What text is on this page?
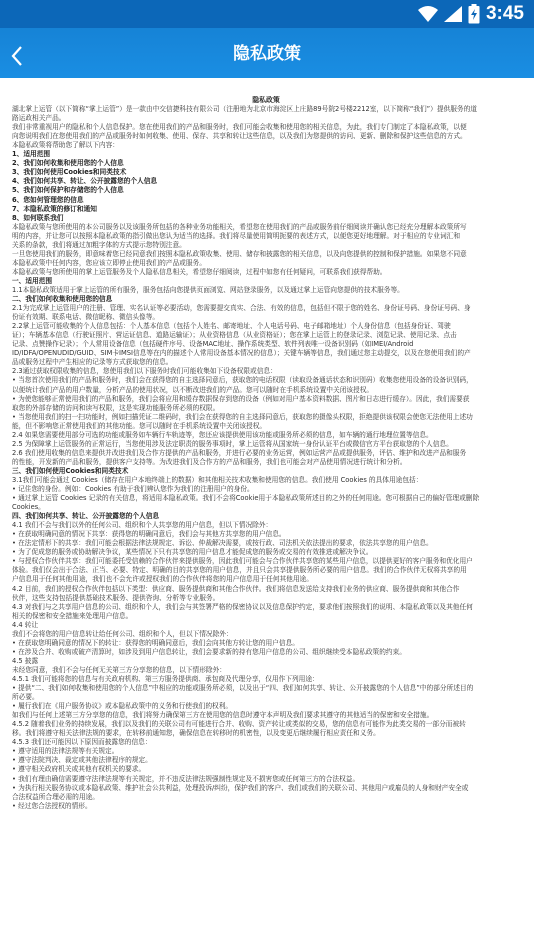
3:45
隐私政策
隐私政策
湖北掌上运管（以下简称“掌上运管”）是一款由中交信捷科技有限公司（注册地为北京市海淀区上庄路89号院2号楼2212室，以下简称“我们”）提供服务的道
路运政相关产品。
我们非常重视用户的隐私和个人信息保护。您在使用我们的产品和服务时，我们可能会收集和使用您的相关信息，为此，我们专门制定了本隐私政策，以便
向您说明我们在您使用我们的产品或服务时如何收集、使用、保存、共享和转让这些信息，以及我们为您提供的访问、更新、删除和保护这些信息的方式。
本隐私政策将帮助您了解以下内容：
1、适用范围
2、我们如何收集和使用您的个人信息
3、我们如何使用Cookies和同类技术
4、我们如何共享、转让、公开披露您的个人信息
5、我们如何保护和存储您的个人信息
6、您如何管理您的信息
7、本隐私政策的修订和通知
8、如何联系我们
本隐私政策与您所使用的本公司服务以及该服务所包括的各种业务功能相关，希望您在使用我们的产品或服务前仔细阅读并确认您已经充分理解本政策所写
明的内容，并让您可以按照本隐私政策的指引做出您认为适当的选择。我们将尽量使用简明扼要的表述方式，以便您更好地理解。对于相应的专业词汇和
关系的条款，我们将通过加粗字体的方式提示您特别注意。
一旦您使用我们的服务，即意味着您已经同意我们按照本隐私政策收集、使用、储存和披露您的相关信息，以及向您提供的控制和保护措施。如果您不同意
本隐私政策中任何内容，您应该立即停止使用我们的产品或服务。
本隐私政策与您所使用的掌上运管服务及个人隐私信息相关，希望您仔细阅读，过程中如您有任何疑问，可联系我们获得帮助。
一、适用范围
1.1本隐私政策适用于掌上运管的所有服务，服务包括向您提供页面浏览、网站登录服务，以及通过掌上运管向您提供的技术服务等。
二、我们如何收集和使用您的信息
2.1为完成掌上运管用户的注册、管理、实名认证等必要活动，您需要提交真实、合法、有效的信息，包括但不限于您的姓名、身份证号码、身份证号码、身
份证有效期、联系电话、微信昵称、微信头像等。
2.2掌上运管可能收集的个人信息包括：个人基本信息（包括个人姓名、邮寄地址、个人电话号码、电子邮箱地址）个人身份信息（包括身份证、驾驶
证）；车辆基本信息（行驶证照片、营运证信息、道路运输证）；从业资格信息（从业资格证）；您在掌上运管上的登录记录、浏览记录、使用记录、点击
记录、点赞操作记录）；个人常用设备信息（包括硬件序号、设备MAC地址、操作系统类型、软件列表唯一设备识别码（如IMEI/Android
ID/IDFA/OPENUDID/GUID、SIM卡IMSI信息等在内的描述个人常用设备基本情况的信息）；关键车辆等信息，我们通过您主动提交，以及在您使用我们的产
品或服务过程中产生相应的记录等方式获取您的信息。
2.3通过获取权限收集的信息，您使用我们以下服务时我们可能收集如下设备权限或信息：
• 当您首次使用我们的产品和服务时，我们会在获得您的自主选择同意后，获取您的电话权限（读取设备通话状态和识别码）收集您使用设备的设备识别码，
以便统计我们产品的用户数量，分析产品的使用状况，以不断改进我们的产品。您可以随时在手机系统设置中关闭该授权。
• 为使您能够正常使用我们的产品和服务，我们会将应用和缓存数据保存到您的设备（例如对用户基本资料数据、图片和日志进行缓存）。因此，我们需要获
取您的外部存储的访问和读写权限，这是实现功能服务所必须的权限。
• 当您使用我们的扫一扫功能时，例如扫描凭证二维码时，我们会在获得您的自主选择同意后，获取您的摄像头权限，拒绝提供该权限会使您无法使用上述功
能，但不影响您正常使用我们的其他功能。您可以随时在手机系统设置中关闭该授权。
2.4 如果您需要使用部分可选的功能或服务如车辆行车轨迹等，您还应该提供使用该功能或服务所必须的信息，如车辆的通行地理位置等信息。
2.5 为保障掌上运管服务的正常运行，当您使用涉及法定职责的服务事项时，掌上运管将从国家统一身份认证平台或微信官方平台获取您的个人信息。
2.6 我们使用收集的信息来提供并改进我们及合作方提供的产品和服务，并进行必要的业务运营，例如运营产品或提供服务，评估、维护和改进产品和服务
的性能，开发新的产品和服务，提供客户支持等。为改进我们及合作方的产品和服务，我们也可能会对产品使用情况进行统计和分析。
三、我们如何使用Cookies和同类技术
3.1我们可能会通过 Cookies（储存在用户本地终端上的数据）和其他相关技术收集和使用您的信息。我们使用 Cookies 的具体用途包括：
• 记住您的身份。例如：Cookies 有助于我们辨认您作为我们的注册用户的身份。
• 通过掌上运管 Cookies 记录的有关信息，将适用本隐私政策。我们不会将Cookie用于本隐私政策所述目的之外的任何用途。您可根据自己的偏好管理或删除
Cookies。
四、我们如何共享、转让、公开披露您的个人信息
4.1 我们不会与我们以外的任何公司、组织和个人共享您的用户信息，但以下情况除外：
• 在获取明确同意的情况下共享：获得您的明确同意后，我们会与其他方共享您的用户信息。
• 在法定情形下的共享：我们可能会根据法律法规规定、诉讼、仲裁解决需要，或按行政、司法机关依法提出的要求，依法共享您的用户信息。
• 为了促成您的服务或协助解决争议，某些情况下只有共享您的用户信息才能促成您的服务或交易的有效推进或解决争议。
• 与授权合作伙伴共享：我们可能委托受信赖的合作伙伴来提供服务，因此我们可能会与合作伙伴共享您的某些用户信息，以提供更好的客户服务和优化用户
体验。我们仅会出于合法、正当、必要、特定、明确的目的共享您的用户信息，并且只会共享提供服务所必要的用户信息。我们的合作伙伴无权将共享的用
户信息用于任何其他用途，我们也不会允许或授权我们的合作伙伴将您的用户信息用于任何其他用途。
4.2 目前，我们的授权合作伙伴包括以下类型：供应商、服务提供商和其他合作伙伴。我们将信息发送给支持我们业务的供应商、服务提供商和其他合作
伙伴，这些支持包括提供基础技术服务、提供咨询、分析等专业服务。
4.3 对我们与之共享用户信息的公司、组织和个人，我们会与其签署严格的保密协议以及信息保护约定，要求他们按照我们的说明、本隐私政策以及其他任何
相关的保密和安全措施来处理用户信息。
4.4 转让
我们不会将您的用户信息转让给任何公司、组织和个人，但以下情况除外：
• 在获取您明确同意的情况下的转让：获得您的明确同意后，我们会向其他方转让您的用户信息。
• 在涉及合并、收购或破产清算时，如涉及到用户信息转让，我们会要求新的持有您用户信息的公司、组织继续受本隐私政策的约束。
4.5 披露
未经您同意，我们不会与任何无关第三方分享您的信息，以下情形除外：
4.5.1 我们可能将您的信息与有关政府机构、第三方服务提供商、承包商及代理分享，仅用作下列用途：
• 提供“二、我们如何收集和使用您的个人信息”中相应的功能或服务所必须，以及出于“四、我们如何共享、转让、公开披露您的个人信息”中的部分所述目的
所必要。
• 履行我们在《用户服务协议》或本隐私政策中的义务和行使我们的权利。
如我们与任何上述第三方分享您的信息，我们将努力确保第三方在使用您的信息时遵守本声明及我们要求其遵守的其他适当的保密和安全措施。
4.5.2 随着我们业务的持续发展，我们以及我们的关联公司有可能进行合并、收购、资产转让或类似的交易，您的信息有可能作为此类交易的一部分而被转
移。我们将遵守相关法律法规的要求，在转移前通知您，确保信息在转移时的机密性，以及变更后继续履行相应责任和义务。
4.5.3 我们还可能因以下原因而披露您的信息：
• 遵守适用的法律法规等有关规定。
• 遵守法院判决、裁定或其他法律程序的规定。
• 遵守相关政府机关或其他有权机关的要求。
• 我们有理由确信需要遵守法律法规等有关规定，并不违反法律法规强制性规定及不损害您或任何第三方的合法权益。
• 为执行相关服务协议或本隐私政策、维护社会公共利益，处理投诉/纠纷，保护我们的客户、我们或我们的关联公司、其他用户或雇员的人身和财产安全或
合法权益所合理必需的用途。
• 经过您合法授权的情形。
